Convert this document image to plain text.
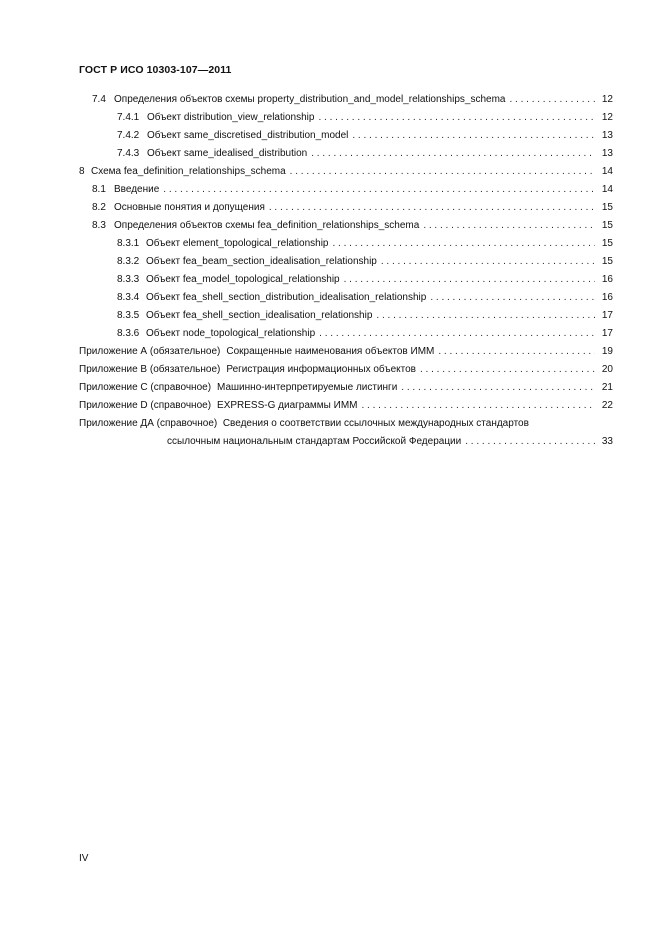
ГОСТ Р ИСО 10303-107—2011
7.4 Определения объектов схемы property_distribution_and_model_relationships_schema . . .	12
7.4.1 Объект distribution_view_relationship . . .	12
7.4.2 Объект same_discretised_distribution_model . . .	13
7.4.3 Объект same_idealised_distribution . . .	13
8 Схема fea_definition_relationships_schema . . .	14
8.1 Введение . . .	14
8.2 Основные понятия и допущения . . .	15
8.3 Определения объектов схемы fea_definition_relationships_schema . . .	15
8.3.1 Объект element_topological_relationship . . .	15
8.3.2 Объект fea_beam_section_idealisation_relationship . . .	15
8.3.3 Объект fea_model_topological_relationship . . .	16
8.3.4 Объект fea_shell_section_distribution_idealisation_relationship . . .	16
8.3.5 Объект fea_shell_section_idealisation_relationship . . .	17
8.3.6 Объект node_topological_relationship . . .	17
Приложение А (обязательное) Сокращенные наименования объектов ИММ . . .	19
Приложение В (обязательное) Регистрация информационных объектов . . .	20
Приложение С (справочное) Машинно-интерпретируемые листинги . . .	21
Приложение D (справочное) EXPRESS-G диаграммы ИММ . . .	22
Приложение ДА (справочное) Сведения о соответствии ссылочных международных стандартов
ссылочным национальным стандартам Российской Федерации . . .	33
IV
